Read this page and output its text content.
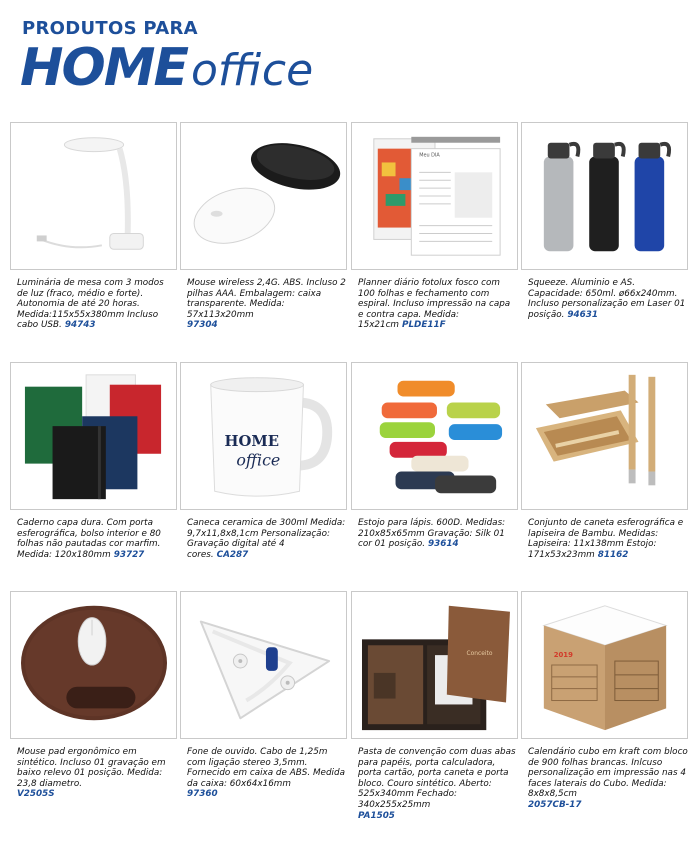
PRODUTOS PARA
HOMEoffice
Luminária de mesa com 3 modos de luz (fraco, médio e forte). Autonomia de até 20 horas. Medida:115x55x380mm Incluso cabo USB. 94743
Mouse wireless 2,4G. ABS. Incluso 2 pilhas AAA. Embalagem: caixa transparente. Medida: 57x113x20mm
97304
Meu DIA
Planner diário fotolux fosco com 100 folhas e fechamento com espiral. Incluso impressão na capa e contra capa. Medida: 15x21cm PLDE11F
Squeeze. Aluminio e AS. Capacidade: 650ml. ø66x240mm. Incluso personalização em Laser 01 posição. 94631
Caderno capa dura. Com porta esferográfica, bolso interior e 80 folhas não pautadas cor marfim. Medida: 120x180mm 93727
HOME
office
Caneca ceramica de 300ml Medida: 9,7x11,8x8,1cm Personalização: Gravação digital até 4 cores. CA287
Estojo para lápis. 600D. Medidas: 210x85x65mm Gravação: Silk 01 cor 01 posição. 93614
Conjunto de caneta esferográfica e lapiseira de Bambu. Medidas: Lapiseira: 11x138mm Estojo: 171x53x23mm 81162
Mouse pad ergonômico em sintético. Incluso 01 gravação em baixo relevo 01 posição. Medida: 23,8 diametro.
V2505S
Fone de ouvido. Cabo de 1,25m com ligação stereo 3,5mm. Fornecido em caixa de ABS. Medida da caixa: 60x64x16mm
97360
Conceito
Pasta de convenção com duas abas para papéis, porta calculadora, porta cartão, porta caneta e porta bloco. Couro sintético. Aberto: 525x340mm Fechado: 340x255x25mm
PA1505
2019
Calendário cubo em kraft com bloco de 900 folhas brancas. Inlcuso personalização em impressão nas 4 faces laterais do Cubo. Medida: 8x8x8,5cm
2057CB-17
